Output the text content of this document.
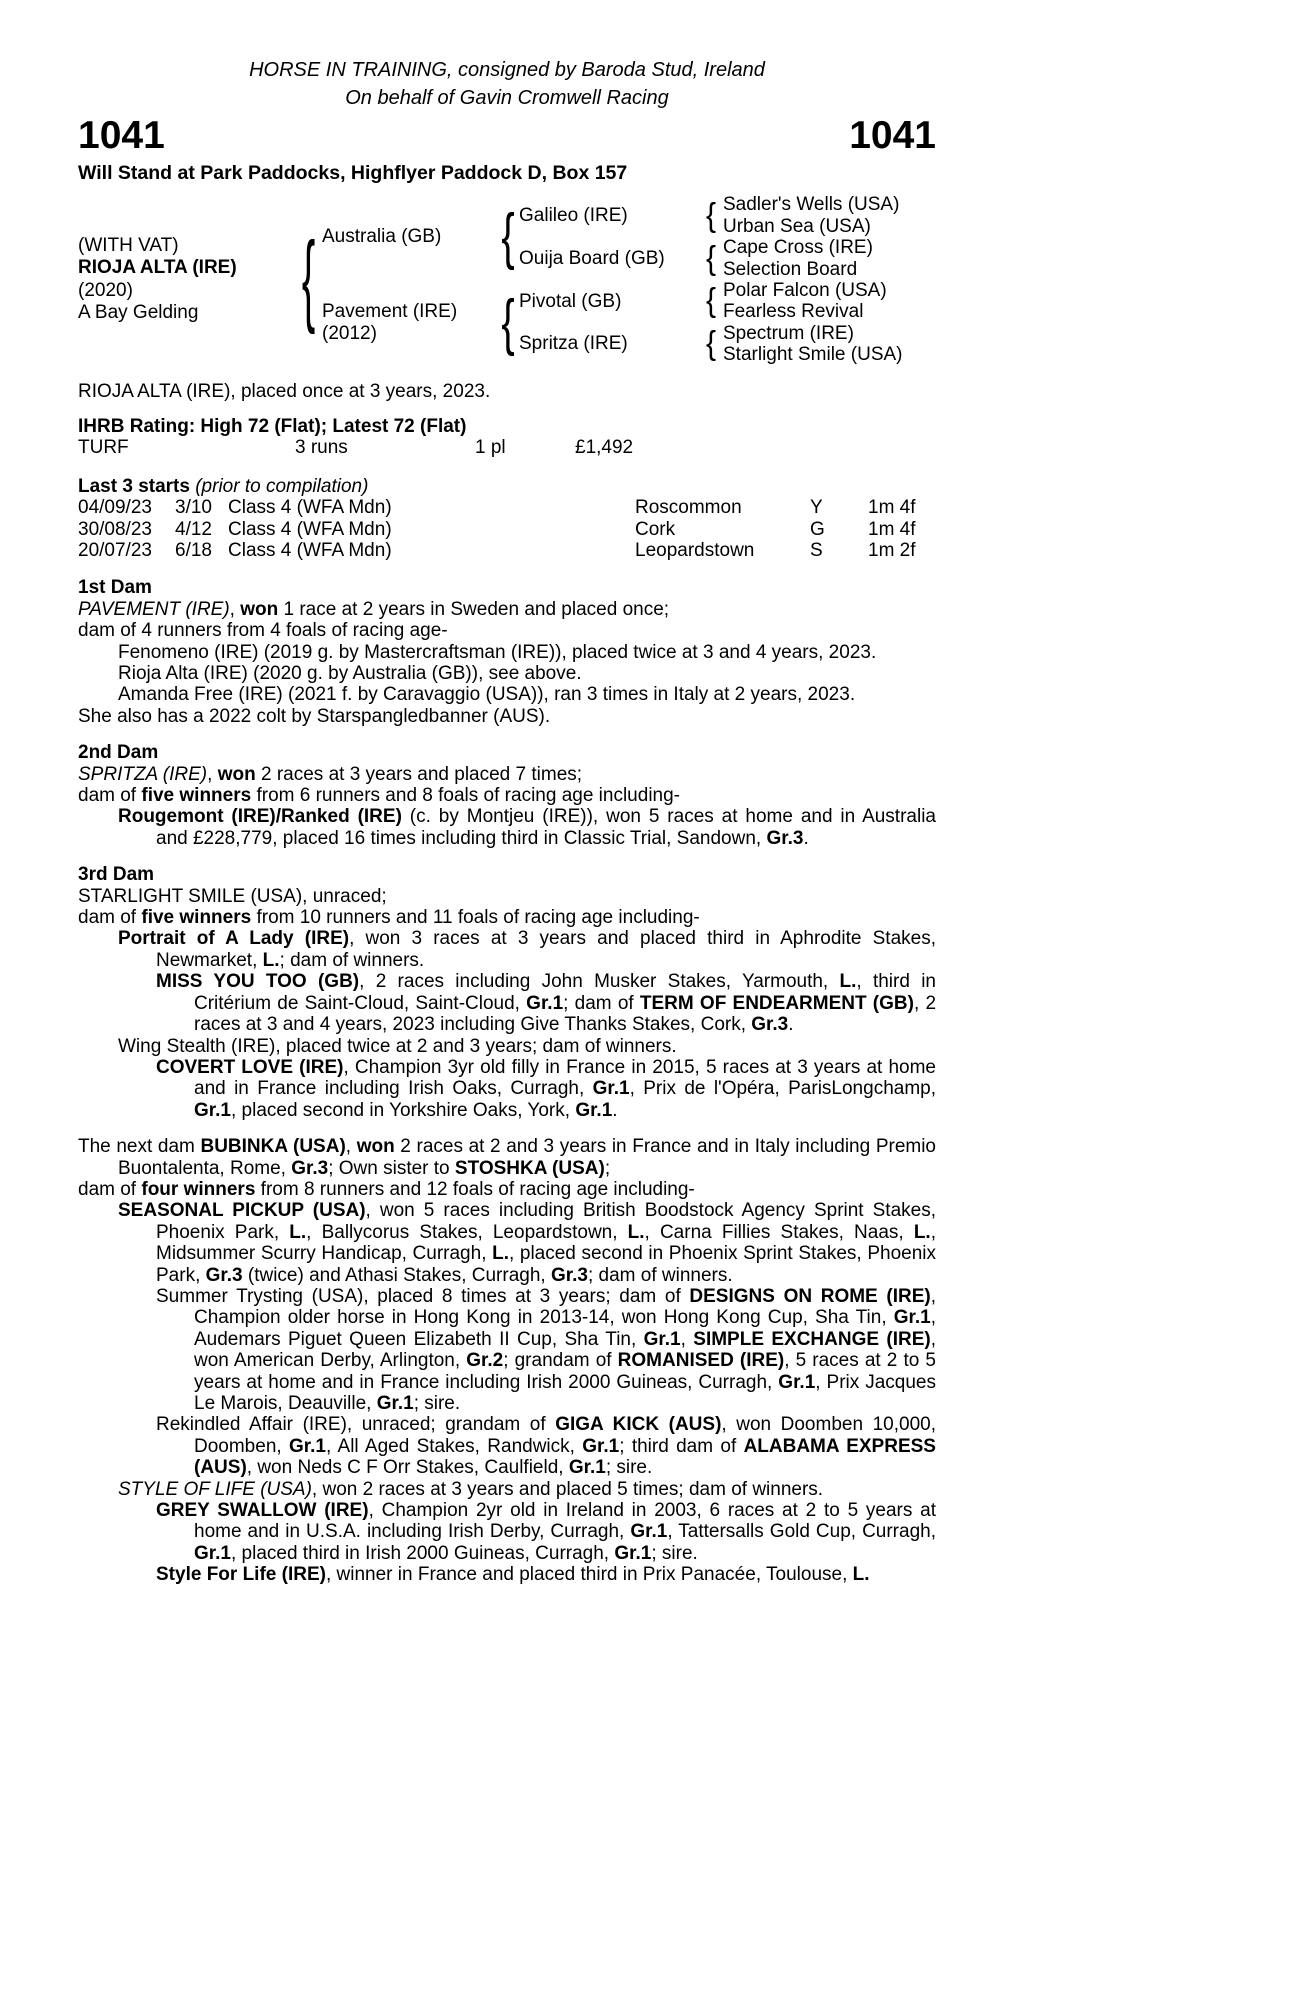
HORSE IN TRAINING, consigned by Baroda Stud, Ireland
On behalf of Gavin Cromwell Racing
1041	1041
Will Stand at Park Paddocks, Highflyer Paddock D, Box 157
(WITH VAT)
RIOJA ALTA (IRE)
(2020)
A Bay Gelding	{ Australia (GB)
Pavement (IRE)
(2012)
{
{
Galileo (IRE)
Ouija Board (GB)
Pivotal (GB)
Spritza (IRE)
{
{
{
{
Sadler's Wells (USA)
Urban Sea (USA)
Cape Cross (IRE)
Selection Board
Polar Falcon (USA)
Fearless Revival
Spectrum (IRE)
Starlight Smile (USA)
RIOJA ALTA (IRE), placed once at 3 years, 2023.
IHRB Rating: High 72 (Flat); Latest 72 (Flat)
TURF	3 runs	1 pl	£1,492
Last 3 starts (prior to compilation)
04/09/23	3/10 Class 4 (WFA Mdn)	Roscommon	Y	1m 4f
30/08/23	4/12 Class 4 (WFA Mdn)	Cork	G	1m 4f
20/07/23	6/18 Class 4 (WFA Mdn)	Leopardstown	S	1m 2f
1st Dam
PAVEMENT (IRE), won 1 race at 2 years in Sweden and placed once;
dam of 4 runners from 4 foals of racing age-
Fenomeno (IRE) (2019 g. by Mastercraftsman (IRE)), placed twice at 3 and 4 years, 2023.
Rioja Alta (IRE) (2020 g. by Australia (GB)), see above.
Amanda Free (IRE) (2021 f. by Caravaggio (USA)), ran 3 times in Italy at 2 years, 2023.
She also has a 2022 colt by Starspangledbanner (AUS).
2nd Dam
SPRITZA (IRE), won 2 races at 3 years and placed 7 times;
dam of five winners from 6 runners and 8 foals of racing age including-
Rougemont (IRE)/Ranked (IRE) (c. by Montjeu (IRE)), won 5 races at home and in Australia and £228,779, placed 16 times including third in Classic Trial, Sandown, Gr.3.
3rd Dam
STARLIGHT SMILE (USA), unraced;
dam of five winners from 10 runners and 11 foals of racing age including-
Portrait of A Lady (IRE), won 3 races at 3 years and placed third in Aphrodite Stakes, Newmarket, L.; dam of winners.
MISS YOU TOO (GB), 2 races including John Musker Stakes, Yarmouth, L., third in Critérium de Saint-Cloud, Saint-Cloud, Gr.1; dam of TERM OF ENDEARMENT (GB), 2 races at 3 and 4 years, 2023 including Give Thanks Stakes, Cork, Gr.3.
Wing Stealth (IRE), placed twice at 2 and 3 years; dam of winners.
COVERT LOVE (IRE), Champion 3yr old filly in France in 2015, 5 races at 3 years at home and in France including Irish Oaks, Curragh, Gr.1, Prix de l'Opéra, ParisLongchamp, Gr.1, placed second in Yorkshire Oaks, York, Gr.1.
The next dam BUBINKA (USA), won 2 races at 2 and 3 years in France and in Italy including Premio Buontalenta, Rome, Gr.3; Own sister to STOSHKA (USA);
dam of four winners from 8 runners and 12 foals of racing age including-
SEASONAL PICKUP (USA), won 5 races including British Boodstock Agency Sprint Stakes, Phoenix Park, L., Ballycorus Stakes, Leopardstown, L., Carna Fillies Stakes, Naas, L., Midsummer Scurry Handicap, Curragh, L., placed second in Phoenix Sprint Stakes, Phoenix Park, Gr.3 (twice) and Athasi Stakes, Curragh, Gr.3; dam of winners.
Summer Trysting (USA), placed 8 times at 3 years; dam of DESIGNS ON ROME (IRE), Champion older horse in Hong Kong in 2013-14, won Hong Kong Cup, Sha Tin, Gr.1, Audemars Piguet Queen Elizabeth II Cup, Sha Tin, Gr.1, SIMPLE EXCHANGE (IRE), won American Derby, Arlington, Gr.2; grandam of ROMANISED (IRE), 5 races at 2 to 5 years at home and in France including Irish 2000 Guineas, Curragh, Gr.1, Prix Jacques Le Marois, Deauville, Gr.1; sire.
Rekindled Affair (IRE), unraced; grandam of GIGA KICK (AUS), won Doomben 10,000, Doomben, Gr.1, All Aged Stakes, Randwick, Gr.1; third dam of ALABAMA EXPRESS (AUS), won Neds C F Orr Stakes, Caulfield, Gr.1; sire.
STYLE OF LIFE (USA), won 2 races at 3 years and placed 5 times; dam of winners.
GREY SWALLOW (IRE), Champion 2yr old in Ireland in 2003, 6 races at 2 to 5 years at home and in U.S.A. including Irish Derby, Curragh, Gr.1, Tattersalls Gold Cup, Curragh, Gr.1, placed third in Irish 2000 Guineas, Curragh, Gr.1; sire.
Style For Life (IRE), winner in France and placed third in Prix Panacée, Toulouse, L.
